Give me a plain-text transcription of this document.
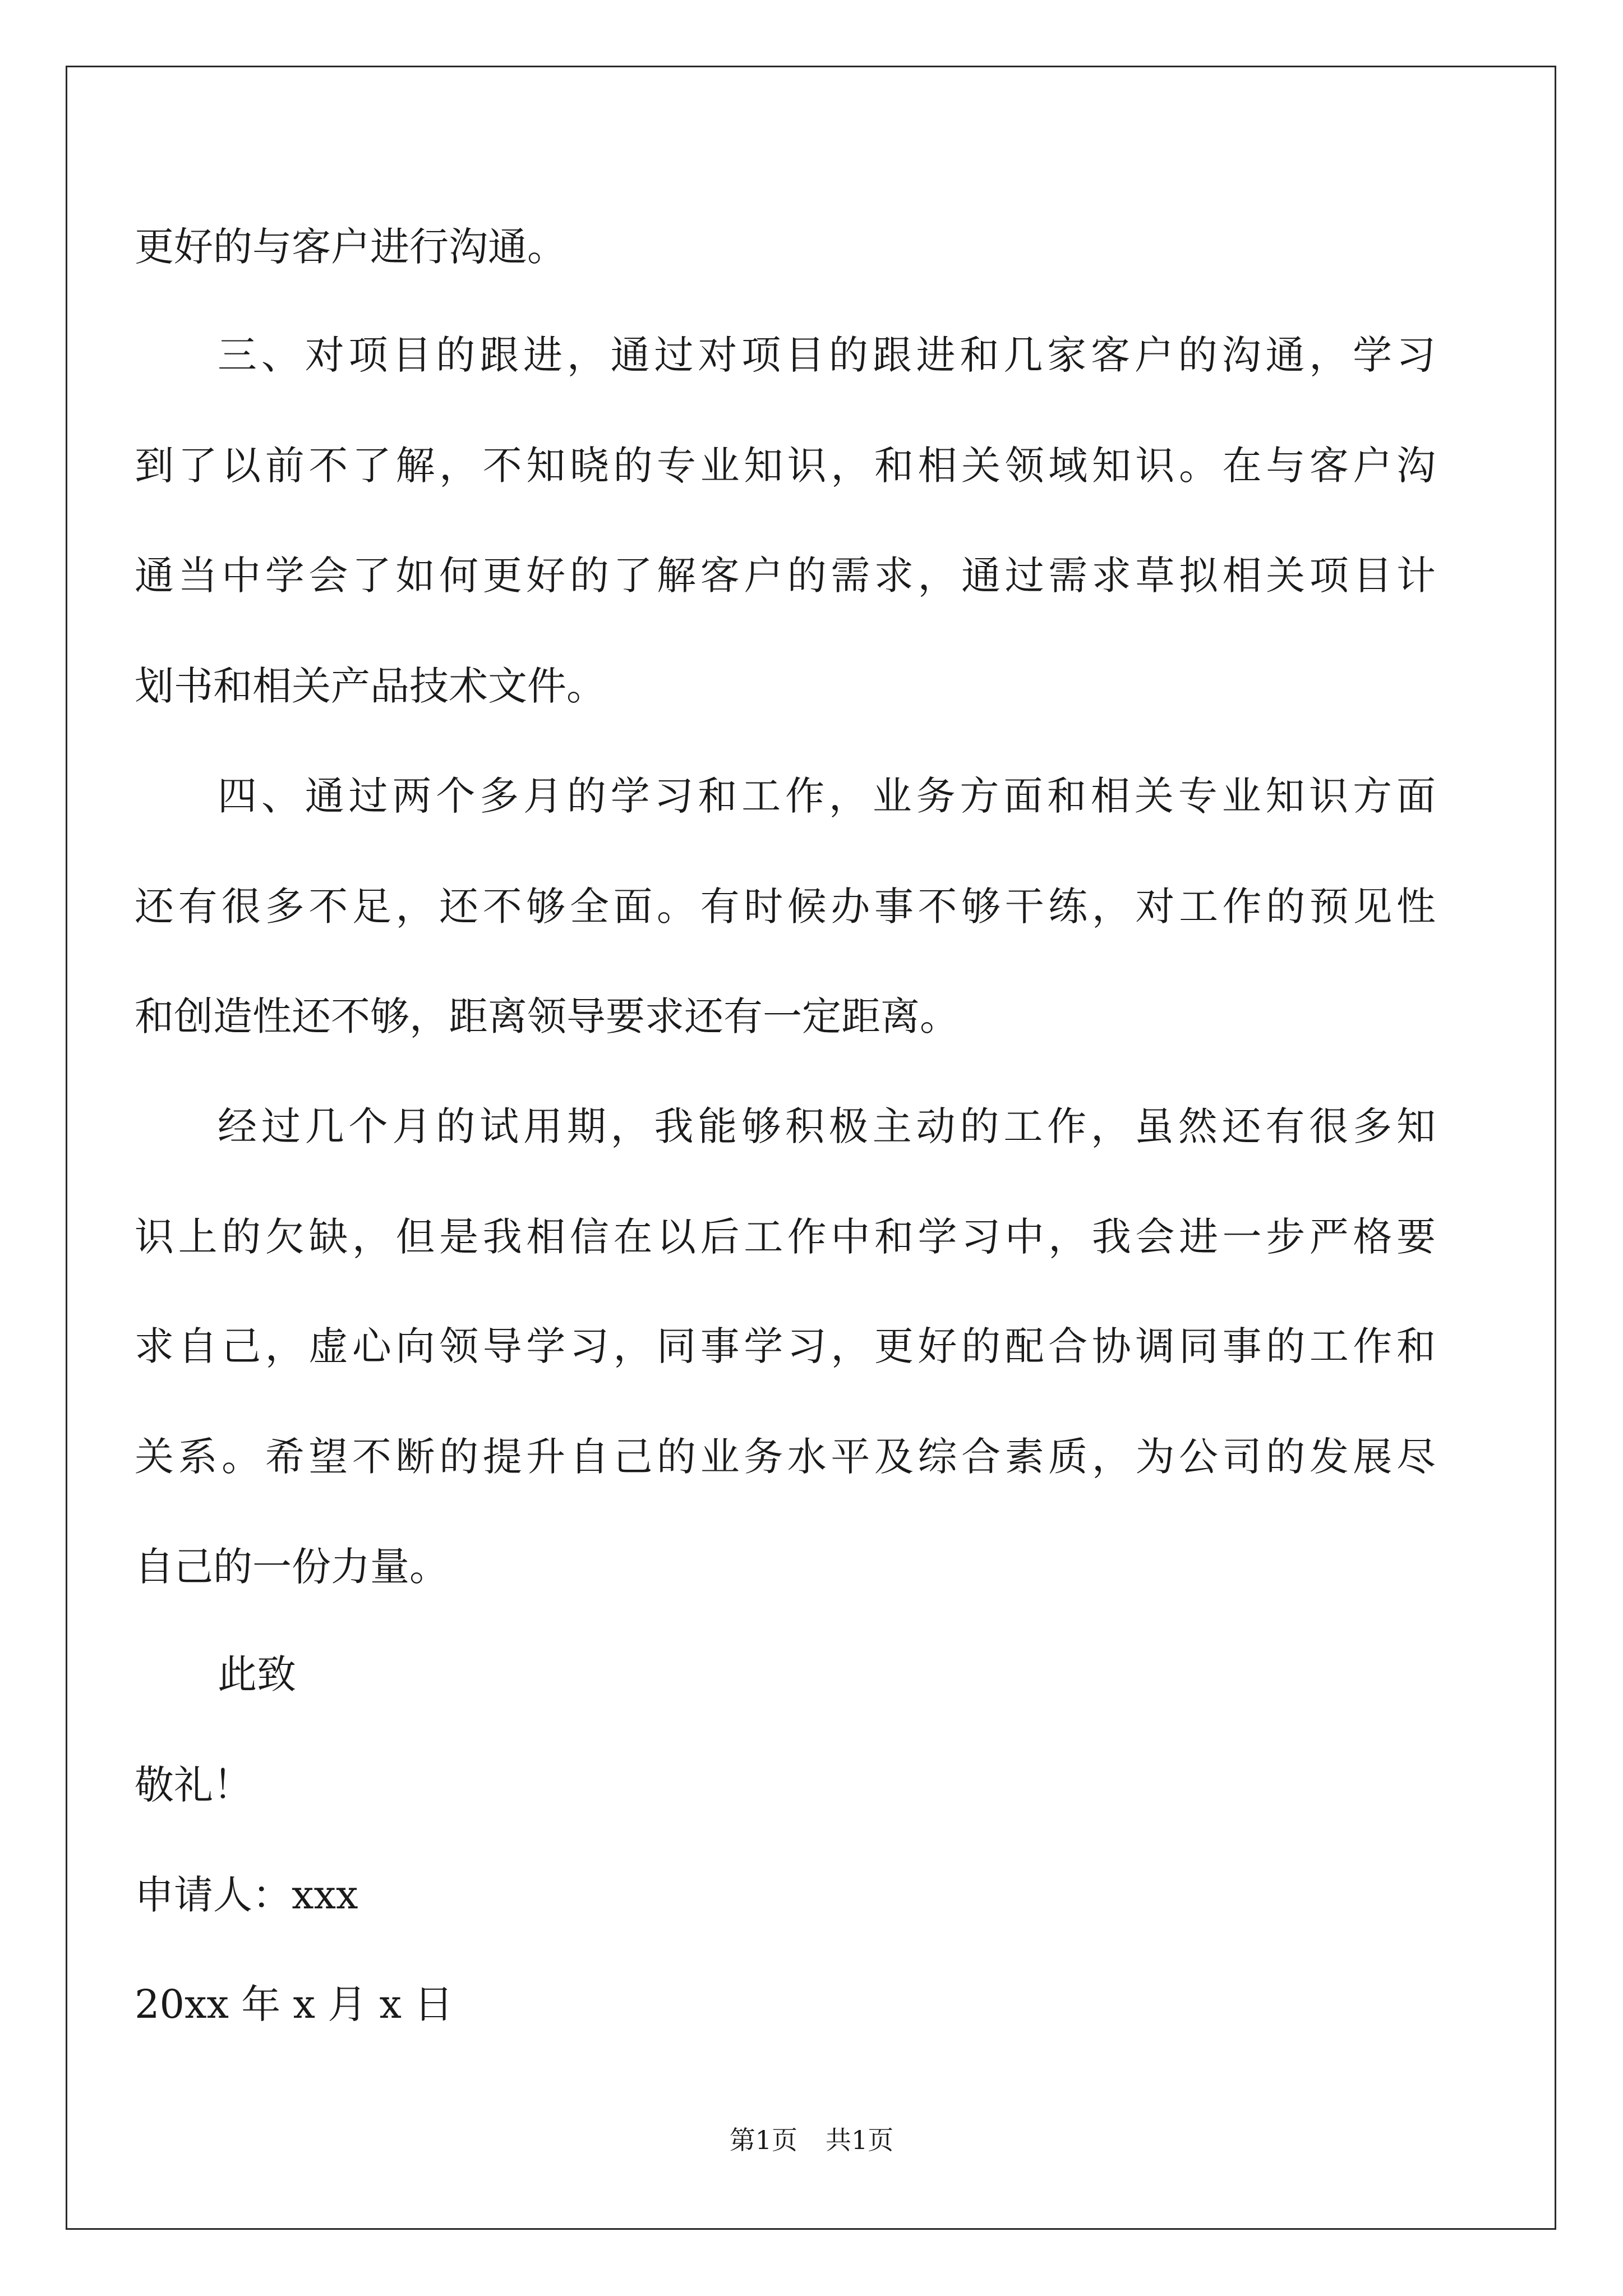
更好的与客户进行沟通。
三、对项目的跟进，通过对项目的跟进和几家客户的沟通，学习
到了以前不了解，不知晓的专业知识，和相关领域知识。在与客户沟
通当中学会了如何更好的了解客户的需求，通过需求草拟相关项目计
划书和相关产品技术文件。
四、通过两个多月的学习和工作，业务方面和相关专业知识方面
还有很多不足，还不够全面。有时候办事不够干练，对工作的预见性
和创造性还不够，距离领导要求还有一定距离。
经过几个月的试用期，我能够积极主动的工作，虽然还有很多知
识上的欠缺，但是我相信在以后工作中和学习中，我会进一步严格要
求自己，虚心向领导学习，同事学习，更好的配合协调同事的工作和
关系。希望不断的提升自己的业务水平及综合素质，为公司的发展尽
自己的一份力量。
此致
敬礼！
申请人：xxx
20xx 年 x 月 x 日
第1页 共1页
